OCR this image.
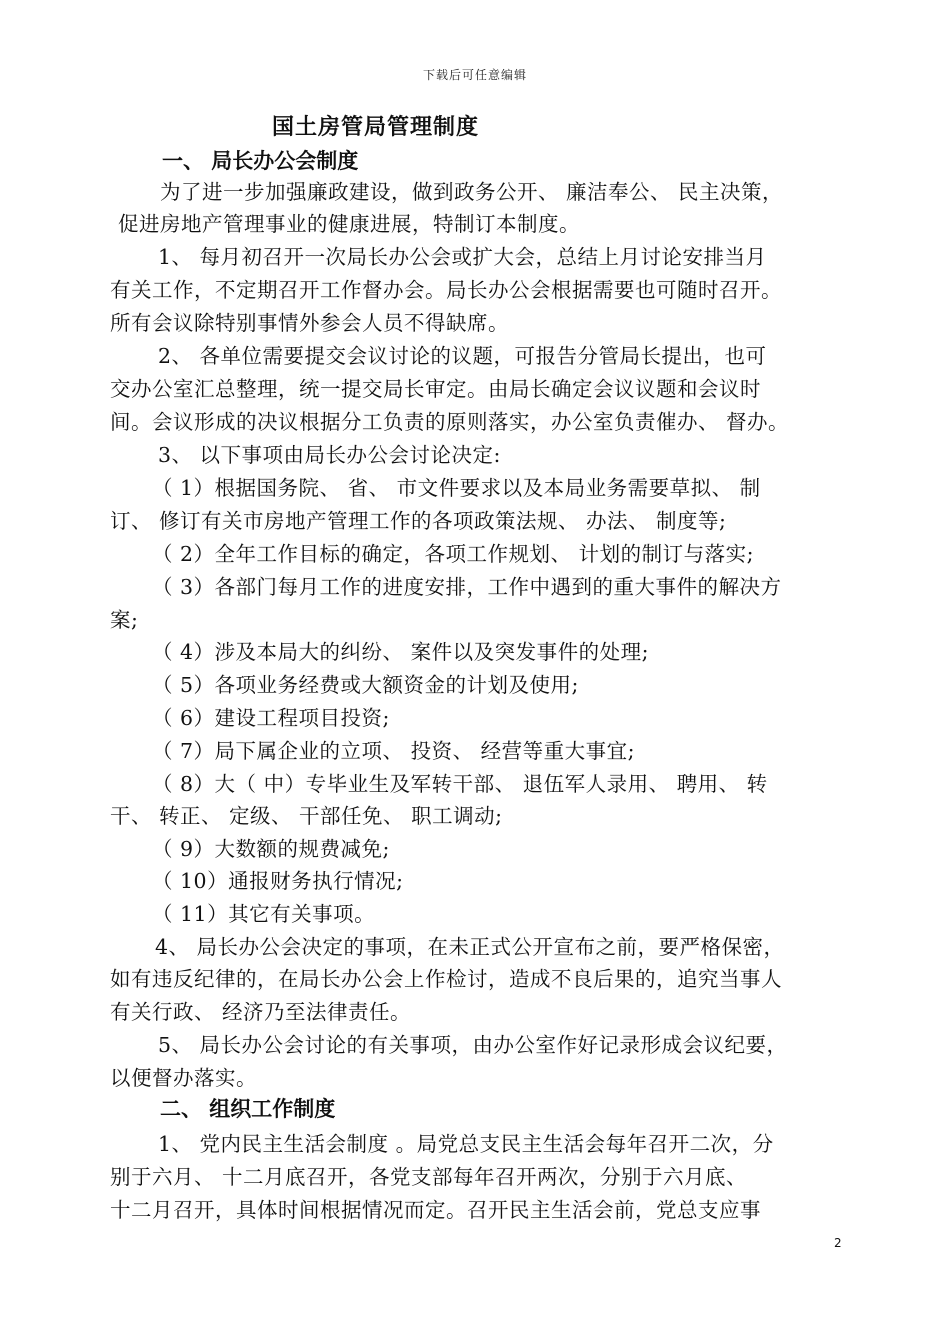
下载后可任意编辑
国土房管局管理制度
一、 局长办公会制度
为了进一步加强廉政建设，做到政务公开、 廉洁奉公、 民主决策，
促进房地产管理事业的健康进展，特制订本制度。
1、 每月初召开一次局长办公会或扩大会，总结上月讨论安排当月
有关工作，不定期召开工作督办会。局长办公会根据需要也可随时召开。
所有会议除特别事情外参会人员不得缺席。
2、 各单位需要提交会议讨论的议题，可报告分管局长提出，也可
交办公室汇总整理，统一提交局长审定。由局长确定会议议题和会议时
间。会议形成的决议根据分工负责的原则落实，办公室负责催办、 督办。
3、 以下事项由局长办公会讨论决定:
（ 1）根据国务院、 省、 市文件要求以及本局业务需要草拟、 制
订、 修订有关市房地产管理工作的各项政策法规、 办法、 制度等;
（ 2）全年工作目标的确定，各项工作规划、 计划的制订与落实;
（ 3）各部门每月工作的进度安排，工作中遇到的重大事件的解决方
案;
（ 4）涉及本局大的纠纷、 案件以及突发事件的处理;
（ 5）各项业务经费或大额资金的计划及使用;
（ 6）建设工程项目投资;
（ 7）局下属企业的立项、 投资、 经营等重大事宜;
（ 8）大（ 中）专毕业生及军转干部、 退伍军人录用、 聘用、 转
干、 转正、 定级、 干部任免、 职工调动;
（ 9）大数额的规费减免;
（ 10）通报财务执行情况;
（ 11）其它有关事项。
4、 局长办公会决定的事项，在未正式公开宣布之前，要严格保密，
如有违反纪律的，在局长办公会上作检讨，造成不良后果的，追究当事人
有关行政、 经济乃至法律责任。
5、 局长办公会讨论的有关事项，由办公室作好记录形成会议纪要，
以便督办落实。
二、 组织工作制度
1、 党内民主生活会制度 。局党总支民主生活会每年召开二次，分
别于六月、 十二月底召开，各党支部每年召开两次，分别于六月底、
十二月召开，具体时间根据情况而定。召开民主生活会前，党总支应事
2
